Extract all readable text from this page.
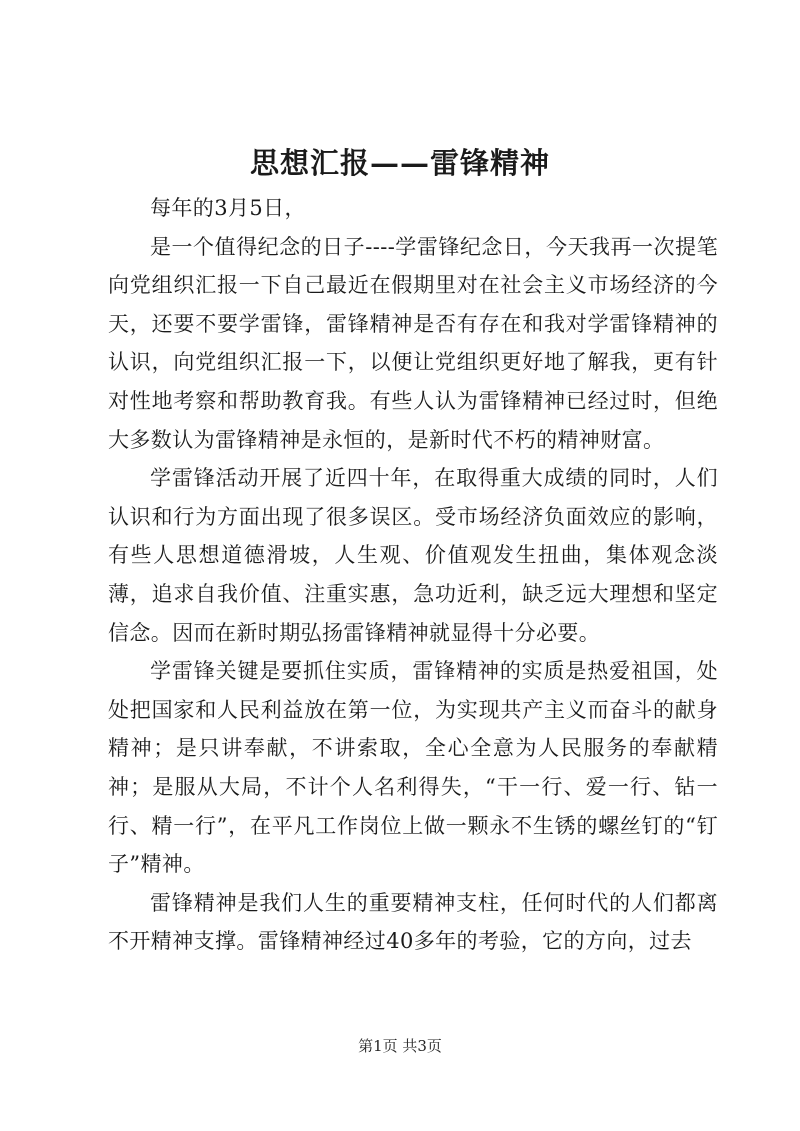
思想汇报——雷锋精神

每年的3月5日，

是一个值得纪念的日子----学雷锋纪念日，今天我再一次提笔向党组织汇报一下自己最近在假期里对在社会主义市场经济的今天，还要不要学雷锋，雷锋精神是否有存在和我对学雷锋精神的认识，向党组织汇报一下，以便让党组织更好地了解我，更有针对性地考察和帮助教育我。有些人认为雷锋精神已经过时，但绝大多数认为雷锋精神是永恒的，是新时代不朽的精神财富。

学雷锋活动开展了近四十年，在取得重大成绩的同时，人们认识和行为方面出现了很多误区。受市场经济负面效应的影响，有些人思想道德滑坡，人生观、价值观发生扭曲，集体观念淡薄，追求自我价值、注重实惠，急功近利，缺乏远大理想和坚定信念。因而在新时期弘扬雷锋精神就显得十分必要。

学雷锋关键是要抓住实质，雷锋精神的实质是热爱祖国，处处把国家和人民利益放在第一位，为实现共产主义而奋斗的献身精神；是只讲奉献，不讲索取，全心全意为人民服务的奉献精神；是服从大局，不计个人名利得失，“干一行、爱一行、钻一行、精一行”，在平凡工作岗位上做一颗永不生锈的螺丝钉的“钉子”精神。

雷锋精神是我们人生的重要精神支柱，任何时代的人们都离不开精神支撑。雷锋精神经过40多年的考验，它的方向，过去

第1页 共3页
